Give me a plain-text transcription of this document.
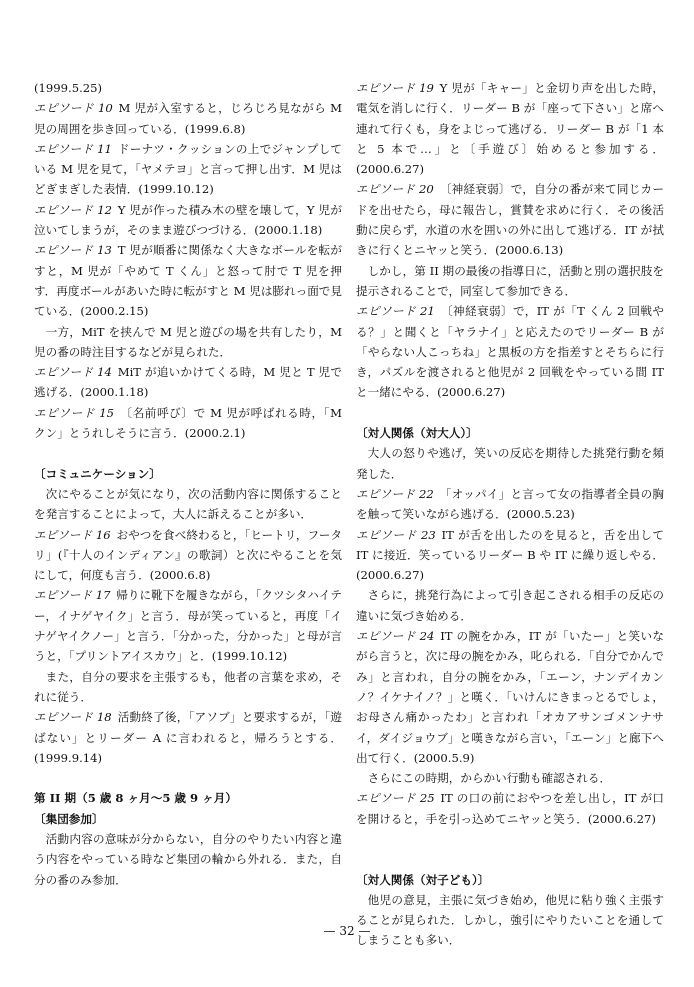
(1999.5.25)

エピソード 10  M 児が入室すると，じろじろ見ながら M 児の周囲を歩き回っている．(1999.6.8)

エピソード 11  ドーナツ・クッションの上でジャンプしている M 児を見て，「ヤメテヨ」と言って押し出す．M 児はどぎまぎした表情．(1999.10.12)

エピソード 12  Y 児が作った積み木の壁を壊して，Y 児が泣いてしまうが，そのまま遊びつづける．(2000.1.18)

エピソード 13  T 児が順番に関係なく大きなボールを転がすと，M 児が「やめて T くん」と怒って肘で T 児を押す．再度ボールがあいた時に転がすと M 児は膨れっ面で見ている．(2000.2.15)

一方，MiT を挟んで M 児と遊びの場を共有したり，M 児の番の時注目するなどが見られた．

エピソード 14  MiT が追いかけてくる時，M 児と T 児で逃げる．(2000.1.18)

エピソード 15  〔名前呼び〕で M 児が呼ばれる時，「M クン」とうれしそうに言う．(2000.2.1)

〔コミュニケーション〕

次にやることが気になり，次の活動内容に関係することを発言することによって，大人に訴えることが多い．

エピソード 16  おやつを食べ終わると，「ヒートリ，フータリ」(『十人のインディアン』の歌詞）と次にやることを気にして，何度も言う．(2000.6.8)

エピソード 17  帰りに靴下を履きながら，「クツシタハイテー，イナゲヤイク」と言う．母が笑っていると，再度「イナゲヤイクノー」と言う．「分かった，分かった」と母が言うと，「プリントアイスカウ」と．(1999.10.12)

また，自分の要求を主張するも，他者の言葉を求め，それに従う．

エピソード 18  活動終了後，「アソブ」と要求するが，「遊ばない」とリーダー A に言われると，帰ろうとする．(1999.9.14)

第 II 期（5 歳 8 ヶ月〜5 歳 9 ヶ月）

〔集団参加〕

活動内容の意味が分からない，自分のやりたい内容と違う内容をやっている時など集団の輪から外れる．また，自分の番のみ参加．

エピソード 19  Y 児が「キャー」と金切り声を出した時，電気を消しに行く．リーダー B が「座って下さい」と席へ連れて行くも，身をよじって逃げる．リーダー B が「1 本と 5 本で…」と〔手遊び〕始めると参加する．(2000.6.27)

エピソード 20  〔神経衰弱〕で，自分の番が来て同じカードを出せたら，母に報告し，賞賛を求めに行く．その後活動に戻らず，水道の水を囲いの外に出して逃げる．IT が拭きに行くとニヤッと笑う．(2000.6.13)

しかし，第 II 期の最後の指導日に，活動と別の選択肢を提示されることで，同室して参加できる．

エピソード 21  〔神経衰弱〕で，IT が「T くん 2 回戦やる？」と聞くと「ヤラナイ」と応えたのでリーダー B が「やらない人こっちね」と黒板の方を指差すとそちらに行き，パズルを渡されると他児が 2 回戦をやっている間 IT と一緒にやる．(2000.6.27)

〔対人関係（対大人）〕

大人の怒りや逃げ，笑いの反応を期待した挑発行動を頻発した．

エピソード 22  「オッパイ」と言って女の指導者全員の胸を触って笑いながら逃げる．(2000.5.23)

エピソード 23  IT が舌を出したのを見ると，舌を出して IT に接近．笑っているリーダー B や IT に繰り返しやる．(2000.6.27)

さらに，挑発行為によって引き起こされる相手の反応の違いに気づき始める．

エピソード 24  IT の腕をかみ，IT が「いたー」と笑いながら言うと，次に母の腕をかみ，叱られる．「自分でかんでみ」と言われ，自分の腕をかみ，「エーン，ナンデイカンノ？イケナイノ？」と嘆く．「いけんにきまっとるでしょ，お母さん痛かったわ」と言われ「オカアサンゴメンナサイ，ダイジョウブ」と嘆きながら言い，「エーン」と廊下へ出て行く．(2000.5.9)

さらにこの時期，からかい行動も確認される．

エピソード 25  IT の口の前におやつを差し出し，IT が口を開けると，手を引っ込めてニヤッと笑う．(2000.6.27)

〔対人関係（対子ども）〕

他児の意見，主張に気づき始め，他児に粘り強く主張することが見られた．しかし，強引にやりたいことを通してしまうことも多い．

— 32 —
